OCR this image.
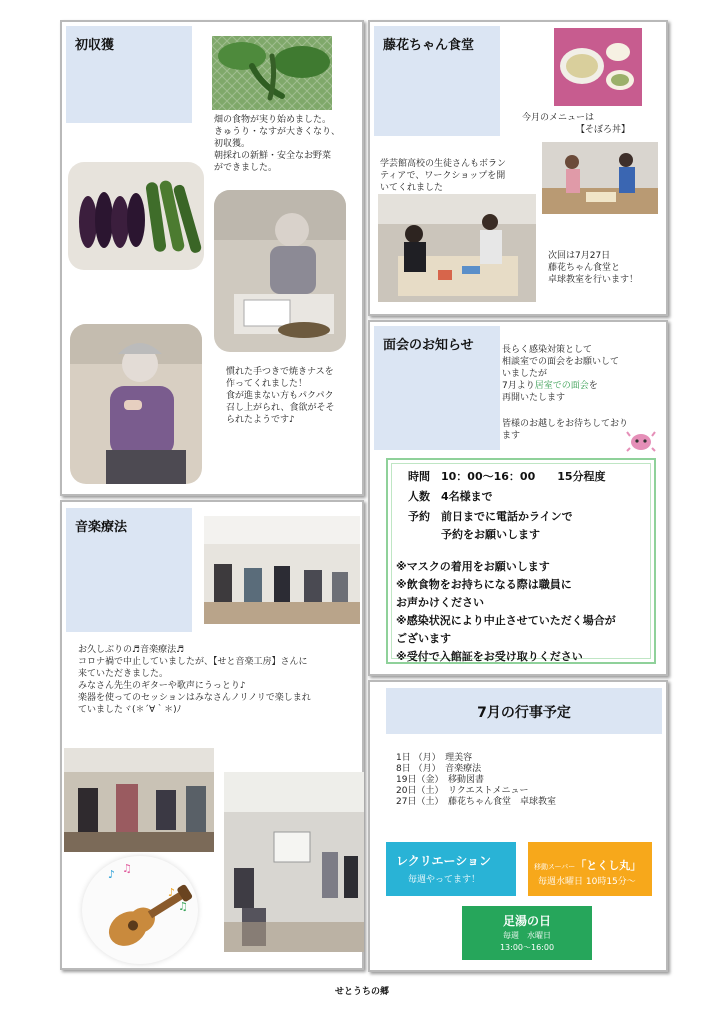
初収獲
畑の食物が実り始めました。
きゅうり・なすが大きくなり、
初収獲。
朝採れの新鮮・安全なお野菜
ができました。
慣れた手つきで焼きナスを
作ってくれました！
食が進まない方もパクパク
召し上がられ、食欲がそそ
られたようです♪
藤花ちゃん食堂
今月のメニューは
【そぼろ丼】
学芸館高校の生徒さんもボラン
ティアで、ワークショップを開
いてくれました
次回は7月27日
藤花ちゃん食堂と
卓球教室を行います！
面会のお知らせ	長らく感染対策として
相談室での面会をお願いして
いましたが
7月より居室での面会を
再開いたします

皆様のお越しをお待ちしており
ます
時間　10：00～16：00　　15分程度
人数　4名様まで
予約　前日までに電話かラインで
　　　予約をお願いします
※マスクの着用をお願いします
※飲食物をお持ちになる際は職員に
お声かけください
※感染状況により中止させていただく場合が
ございます
※受付で入館証をお受け取りください
音楽療法
お久しぶりの♬音楽療法♬
コロナ禍で中止していましたが、【せと音楽工房】さんに
来ていただきました。
みなさん先生のギターや歌声にうっとり♪
楽器を使ってのセッションはみなさんノリノリで楽しまれ
ていましたヾ(＊´∀｀＊)ﾉ
♪ ♫
♪
♫
7月の行事予定
1日 （月）　理美容
8日 （月）　音楽療法
19日（金）　移動図書
20日（土）　リクエストメニュー
27日（土）　藤花ちゃん食堂　卓球教室
レクリエーション
毎週やってます！
移動スーパー「とくし丸」
毎週水曜日 10時15分～
足湯の日
毎週　水曜日
13:00～16:00
せとうちの郷
